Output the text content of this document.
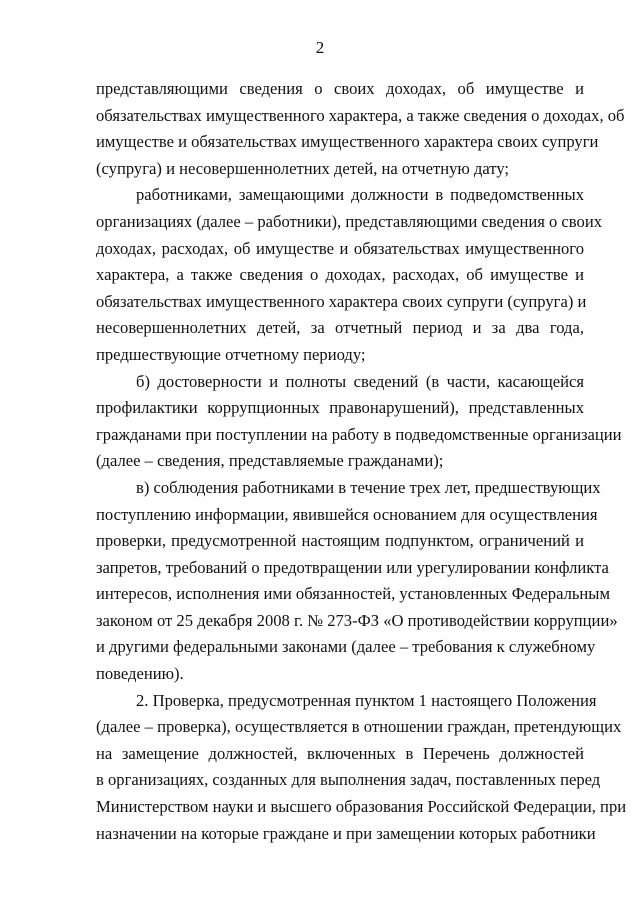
2
представляющими сведения о своих доходах, об имуществе и
обязательствах имущественного характера, а также сведения о доходах, об
имуществе и обязательствах имущественного характера своих супруги
(супруга) и несовершеннолетних детей, на отчетную дату;
работниками, замещающими должности в подведомственных
организациях (далее – работники), представляющими сведения о своих
доходах, расходах, об имуществе и обязательствах имущественного
характера, а также сведения о доходах, расходах, об имуществе и
обязательствах имущественного характера своих супруги (супруга) и
несовершеннолетних детей, за отчетный период и за два года,
предшествующие отчетному периоду;
б) достоверности и полноты сведений (в части, касающейся
профилактики коррупционных правонарушений), представленных
гражданами при поступлении на работу в подведомственные организации
(далее – сведения, представляемые гражданами);
в) соблюдения работниками в течение трех лет, предшествующих
поступлению информации, явившейся основанием для осуществления
проверки, предусмотренной настоящим подпунктом, ограничений и
запретов, требований о предотвращении или урегулировании конфликта
интересов, исполнения ими обязанностей, установленных Федеральным
законом от 25 декабря 2008 г. № 273-ФЗ «О противодействии коррупции»
и другими федеральными законами (далее – требования к служебному
поведению).
2. Проверка, предусмотренная пунктом 1 настоящего Положения
(далее – проверка), осуществляется в отношении граждан, претендующих
на замещение должностей, включенных в Перечень должностей
в организациях, созданных для выполнения задач, поставленных перед
Министерством науки и высшего образования Российской Федерации, при
назначении на которые граждане и при замещении которых работники
